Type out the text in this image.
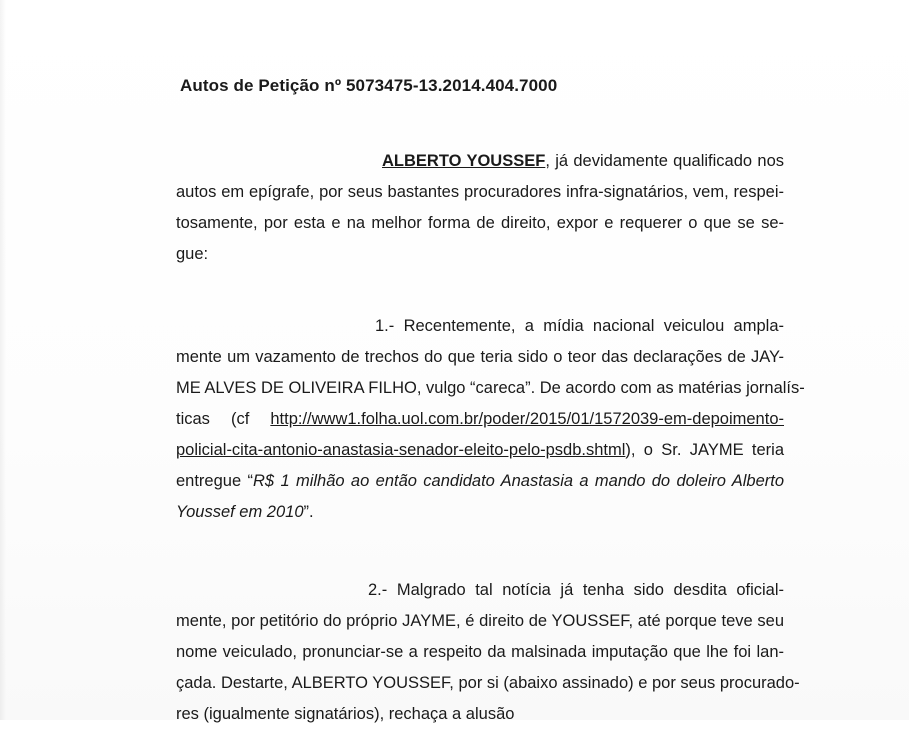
Autos de Petição nº 5073475-13.2014.404.7000
ALBERTO YOUSSEF, já devidamente qualificado nos
autos em epígrafe, por seus bastantes procuradores infra-signatários, vem, respei-
tosamente, por esta e na melhor forma de direito, expor e requerer o que se se-
gue:
1.- Recentemente, a mídia nacional veiculou ampla-
mente um vazamento de trechos do que teria sido o teor das declarações de JAY-
ME ALVES DE OLIVEIRA FILHO, vulgo “careca”. De acordo com as matérias jornalís-
ticas (cf http://www1.folha.uol.com.br/poder/2015/01/1572039-em-depoimento-
policial-cita-antonio-anastasia-senador-eleito-pelo-psdb.shtml), o Sr. JAYME teria
entregue “R$ 1 milhão ao então candidato Anastasia a mando do doleiro Alberto
Youssef em 2010”.
2.- Malgrado tal notícia já tenha sido desdita oficial-
mente, por petitório do próprio JAYME, é direito de YOUSSEF, até porque teve seu
nome veiculado, pronunciar-se a respeito da malsinada imputação que lhe foi lan-
çada. Destarte, ALBERTO YOUSSEF, por si (abaixo assinado) e por seus procurado-
res (igualmente signatários), rechaça a alusão
